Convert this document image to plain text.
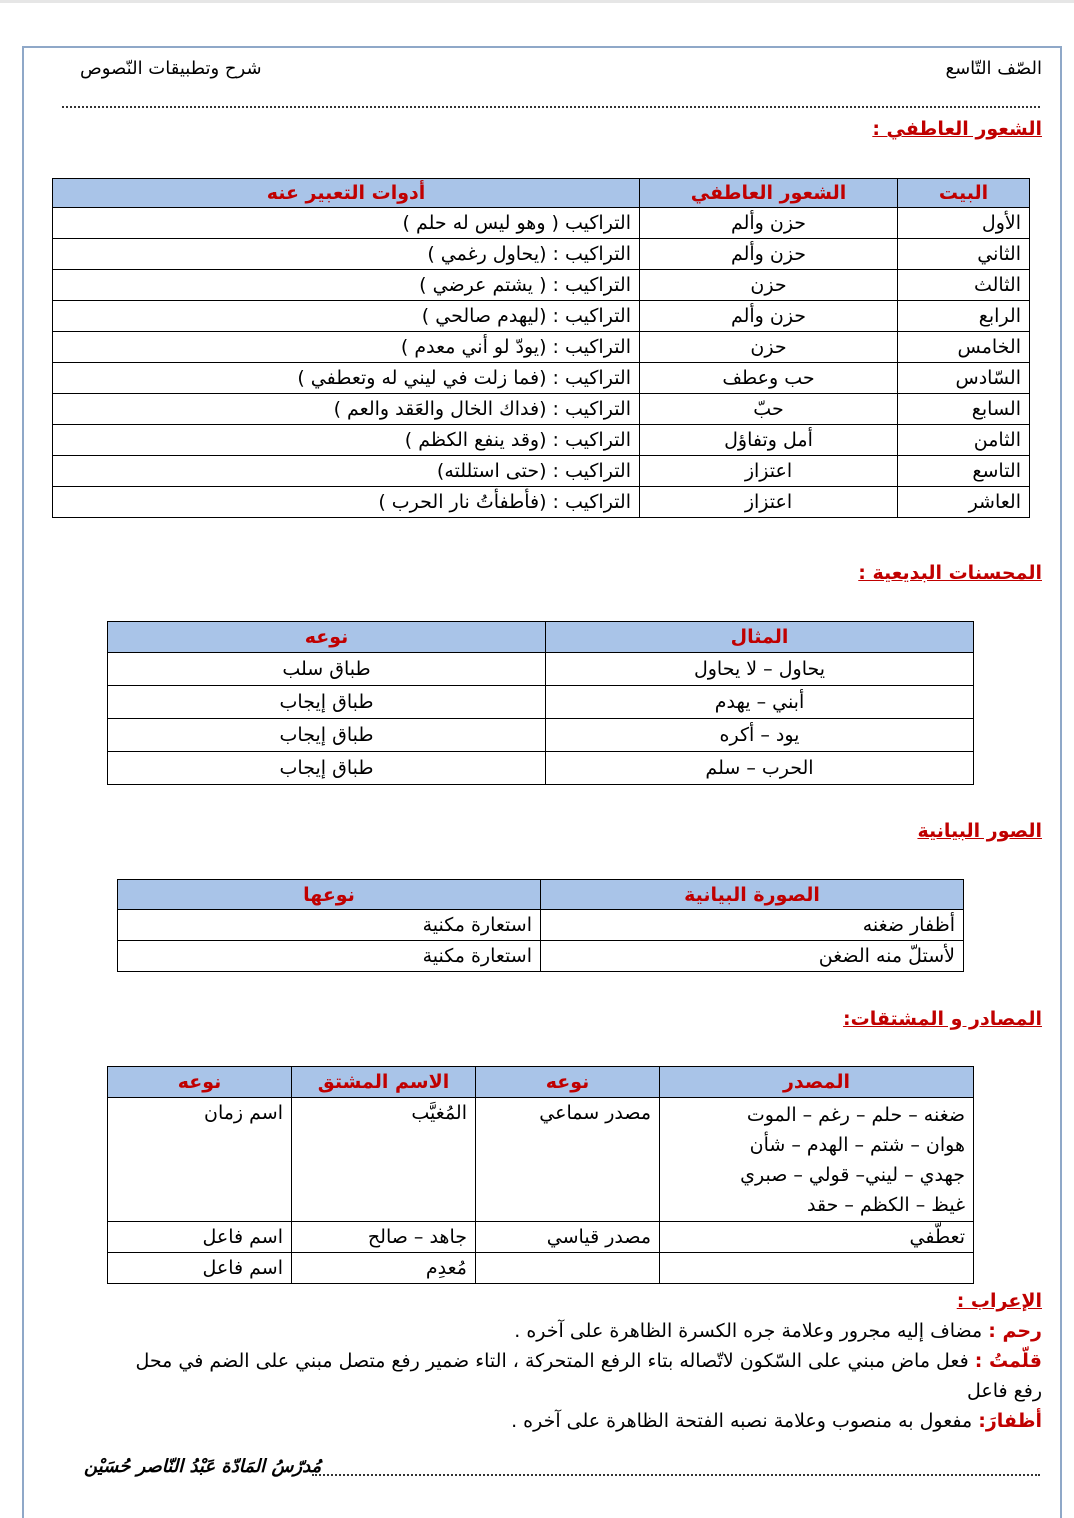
الصّف التّاسع
شرح وتطبيقات النّصوص
الشعور العاطفي :
البيت	الشعور العاطفي	أدوات التعبير عنه
الأول	حزن وألم	التراكيب ( وهو ليس له حلم )
الثاني	حزن وألم	التراكيب : (يحاول رغمي )
الثالث	حزن	التراكيب : ( يشتم عرضي )
الرابع	حزن وألم	التراكيب : (ليهدم صالحي )
الخامس	حزن	التراكيب : (يودّ لو أني معدم )
السّادس	حب وعطف	التراكيب : (فما زلت في ليني له وتعطفي )
السابع	حبّ	التراكيب : (فداك الخال والعَقد والعم )
الثامن	أمل وتفاؤل	التراكيب : (وقد ينفع الكظم )
التاسع	اعتزاز	التراكيب : (حتى استللته)
العاشر	اعتزاز	التراكيب : (فأطفأتُ نار الحرب )
المحسنات البديعية :
المثال	نوعه
يحاول – لا يحاول	طباق سلب
أبني – يهدم	طباق إيجاب
يود – أكره	طباق إيجاب
الحرب – سلم	طباق إيجاب
الصور البيانية
الصورة البيانية	نوعها
أظفار ضغنه	استعارة مكنية
لأستلّ منه الضغن	استعارة مكنية
المصادر و المشتقات:
المصدر	نوعه	الاسم المشتق	نوعه

ضغنه – حلم – رغم – الموت
هوان – شتم – الهدم – شأن
جهدي – ليني– قولي – صبري
غيظ – الكظم – حقد	مصدر سماعي	المُغيَّب	اسم زمان
تعطّفي	مصدر قياسي	جاهد – صالح	اسم فاعل
		مُعدِم	اسم فاعل
الإعراب :
رحم : مضاف إليه مجرور وعلامة جره الكسرة الظاهرة على آخره .
قلّمتُ : فعل ماض مبني على السّكون لاتّصاله بتاء الرفع المتحركة ، التاء ضمير رفع متصل مبني على الضم في محل
رفع فاعل
أظفارَ: مفعول به منصوب وعلامة نصبه الفتحة الظاهرة على آخره .
مُدرّسُ المَادّة عَبْدُ النّاصر حُسَيْن
